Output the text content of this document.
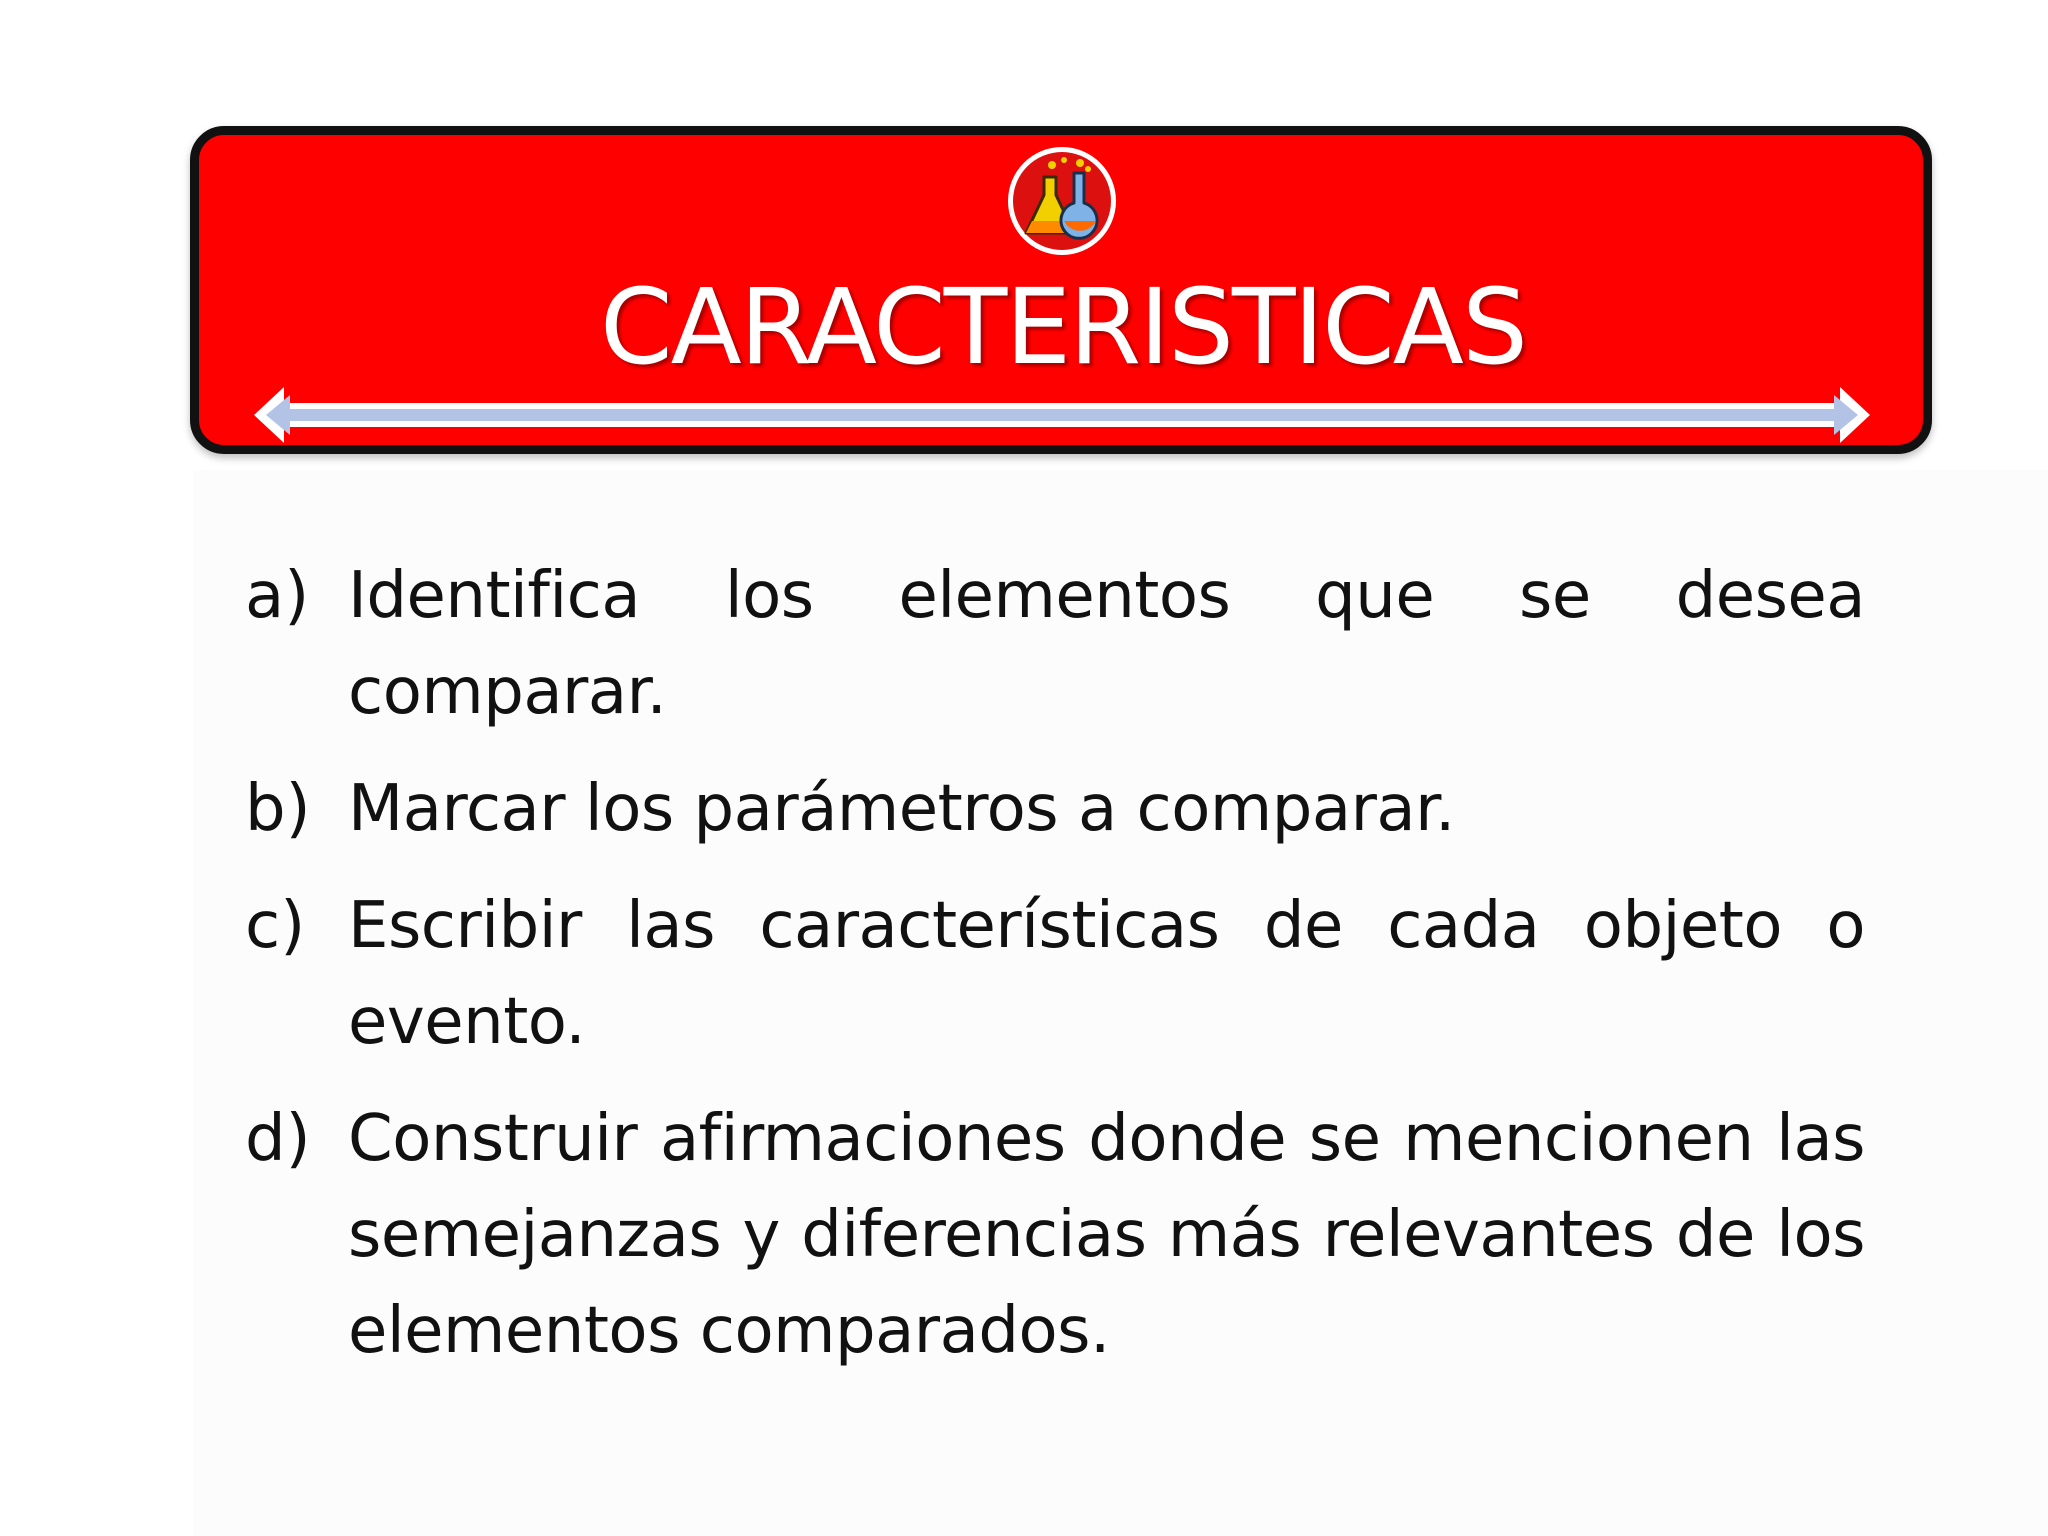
CARACTERISTICAS
a) Identifica los elementos que se desea comparar.
b) Marcar los parámetros a comparar.
c) Escribir las características de cada objeto o evento.
d) Construir afirmaciones donde se mencionen las semejanzas y diferencias más relevantes de los elementos comparados.
